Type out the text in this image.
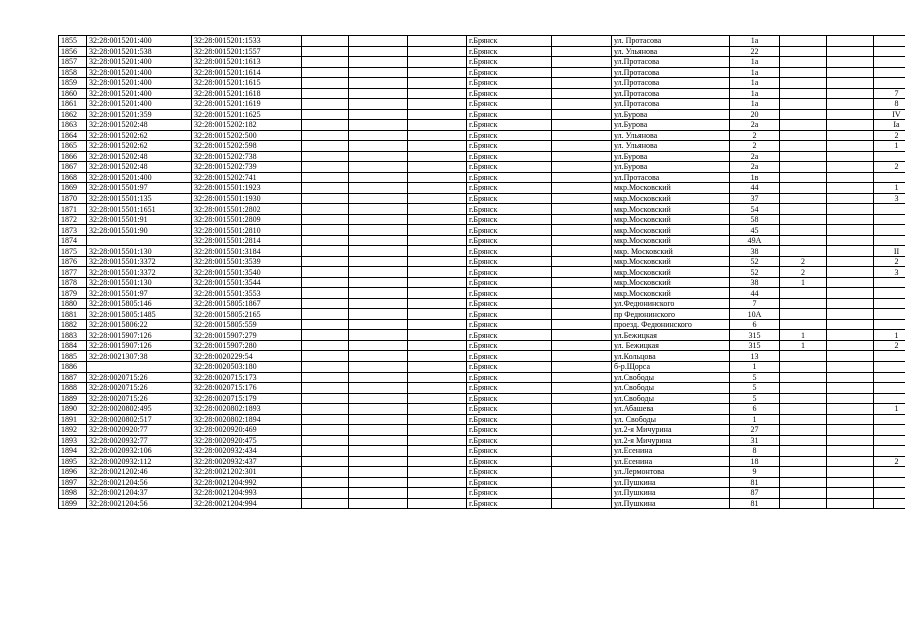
1855	32:28:0015201:400	32:28:0015201:1533				г.Брянск		ул. Протасова	1а				
1856	32:28:0015201:538	32:28:0015201:1557				г.Брянск		ул. Ульянова	22				
1857	32:28:0015201:400	32:28:0015201:1613				г.Брянск		ул.Протасова	1а				
1858	32:28:0015201:400	32:28:0015201:1614				г.Брянск		ул.Протасова	1а				
1859	32:28:0015201:400	32:28:0015201:1615				г.Брянск		ул.Протасова	1а				
1860	32:28:0015201:400	32:28:0015201:1618				г.Брянск		ул.Протасова	1а			7	
1861	32:28:0015201:400	32:28:0015201:1619				г.Брянск		ул.Протасова	1а			8	
1862	32:28:0015201:359	32:28:0015201:1625				г.Брянск		ул.Бурова	20			IV	
1863	32:28:0015202:48	32:28:0015202:182				г.Брянск		ул.Бурова	2а			Iа	
1864	32:28:0015202:62	32:28:0015202:500				г.Брянск		ул. Ульянова	2			2	
1865	32:28:0015202:62	32:28:0015202:598				г.Брянск		ул. Ульянова	2			1	
1866	32:28:0015202:48	32:28:0015202:738				г.Брянск		ул.Бурова	2а				
1867	32:28:0015202:48	32:28:0015202:739				г.Брянск		ул.Бурова	2а			2	
1868	32:28:0015201:400	32:28:0015202:741				г.Брянск		ул.Протасова	1в				
1869	32:28:0015501:97	32:28:0015501:1923				г.Брянск		мкр.Московский	44			1	
1870	32:28:0015501:135	32:28:0015501:1930				г.Брянск		мкр.Московский	37			3	
1871	32:28:0015501:1651	32:28:0015501:2802				г.Брянск		мкр.Московский	54				
1872	32:28:0015501:91	32:28:0015501:2809				г.Брянск		мкр.Московский	58				
1873	32:28:0015501:90	32:28:0015501:2810				г.Брянск		мкр.Московский	45				
1874		32:28:0015501:2814				г.Брянск		мкр.Московский	49А				
1875	32:28:0015501:130	32:28:0015501:3184				г.Брянск		мкр. Московский	38			II	
1876	32:28:0015501:3372	32:28:0015501:3539				г.Брянск		мкр.Московский	52	2		2	
1877	32:28:0015501:3372	32:28:0015501:3540				г.Брянск		мкр.Московский	52	2		3	
1878	32:28:0015501:130	32:28:0015501:3544				г.Брянск		мкр.Московский	38	1			
1879	32:28:0015501:97	32:28:0015501:3553				г.Брянск		мкр.Московский	44				
1880	32:28:0015805:146	32:28:0015805:1867				г.Брянск		ул.Федюнинского	7				
1881	32:28:0015805:1485	32:28:0015805:2165				г.Брянск		пр Федюнинского	10А				
1882	32:28:0015806:22	32:28:0015805:559				г.Брянск		проезд. Федюнинского	6				
1883	32:28:0015907:126	32:28:0015907:279				г.Брянск		ул.Бежицкая	315	1		1	
1884	32:28:0015907:126	32:28:0015907:280				г.Брянск		ул. Бежицкая	315	1		2	
1885	32:28:0021307:38	32:28:0020229:54				г.Брянск		ул.Кольцова	13				
1886		32:28:0020503:180				г.Брянск		б-р.Щорса	1				
1887	32:28:0020715:26	32:28:0020715:173				г.Брянск		ул.Свободы	5				
1888	32:28:0020715:26	32:28:0020715:176				г.Брянск		ул.Свободы	5				
1889	32:28:0020715:26	32:28:0020715:179				г.Брянск		ул.Свободы	5				
1890	32:28:0020802:495	32:28:0020802:1893				г.Брянск		ул.Абашева	6			1	
1891	32:28:0020802:517	32:28:0020802:1894				г.Брянск		ул. Свободы	1				
1892	32:28:0020920:77	32:28:0020920:469				г.Брянск		ул.2-я Мичурина	27				
1893	32:28:0020932:77	32:28:0020920:475				г.Брянск		ул.2-я Мичурина	31				
1894	32:28:0020932:106	32:28:0020932:434				г.Брянск		ул.Есенина	8				
1895	32:28:0020932:112	32:28:0020932:437				г.Брянск		ул.Есенина	18			2	
1896	32:28:0021202:46	32:28:0021202:301				г.Брянск		ул.Лермонтова	9				
1897	32:28:0021204:56	32:28:0021204:992				г.Брянск		ул.Пушкина	81				
1898	32:28:0021204:37	32:28:0021204:993				г.Брянск		ул.Пушкина	87				
1899	32:28:0021204:56	32:28:0021204:994				г.Брянск		ул.Пушкина	81				
